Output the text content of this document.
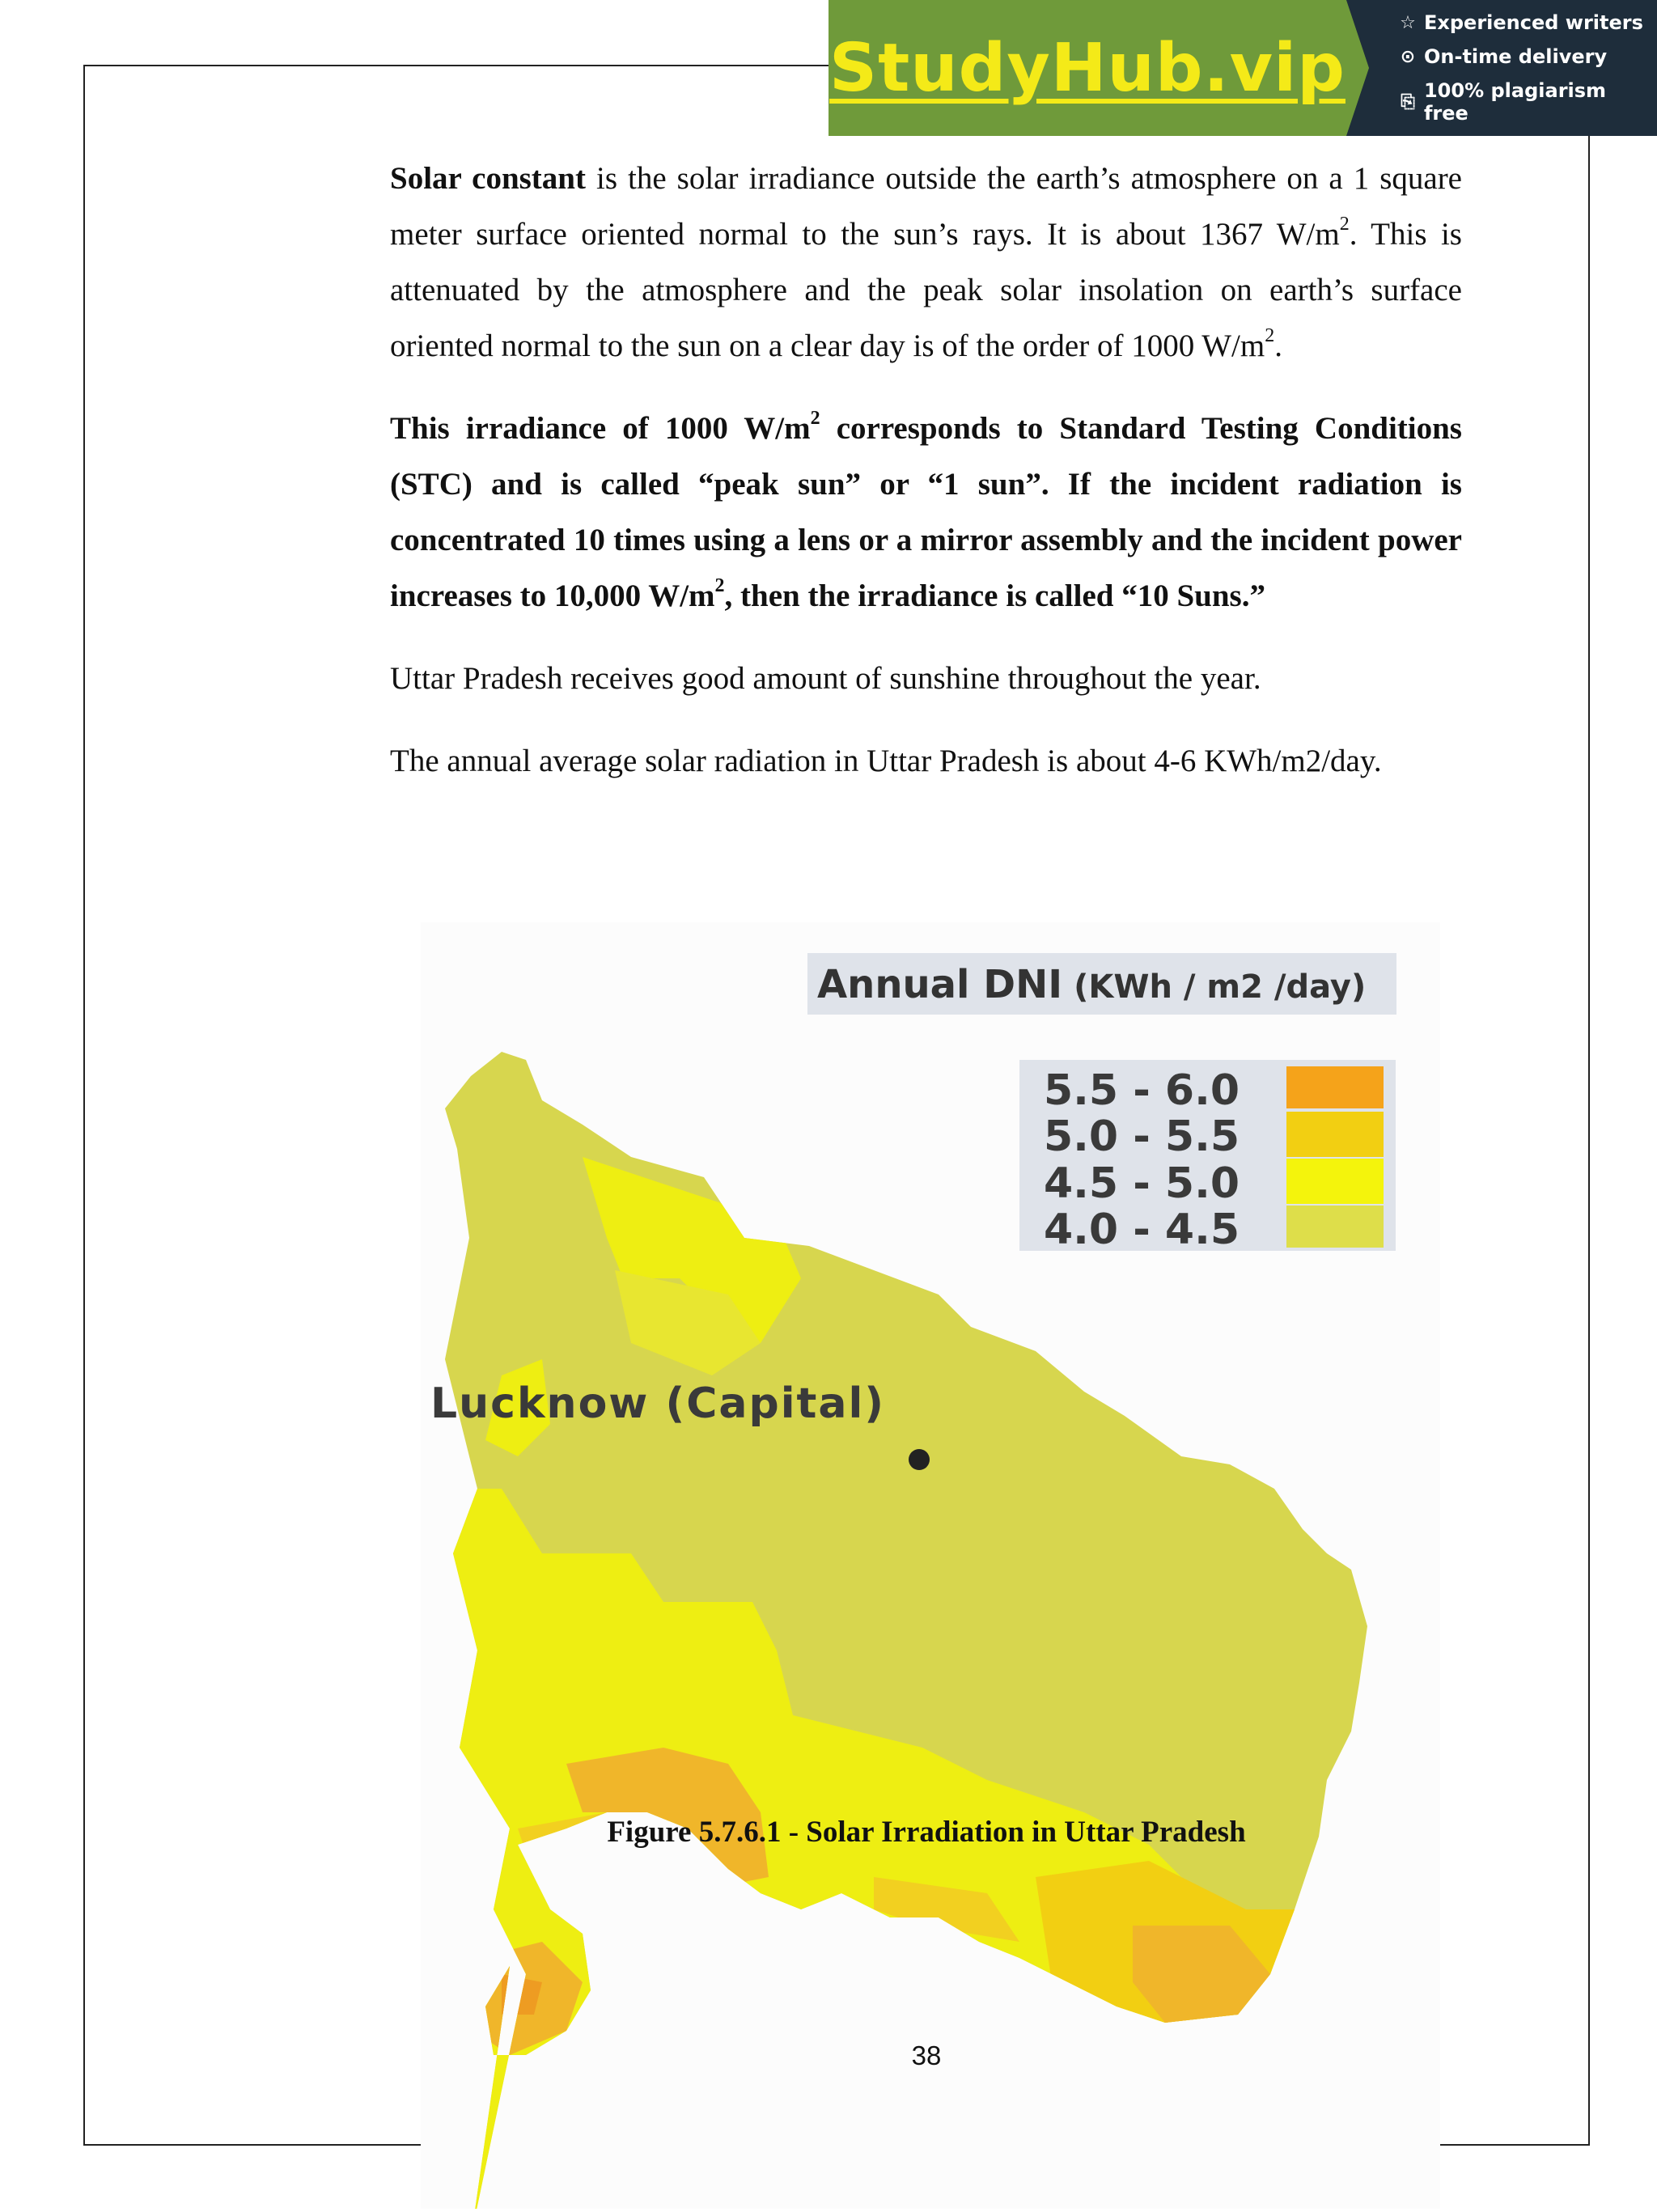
StudyHub.vip
☆ Experienced writers
⊙ On-time delivery
⎘ 100% plagiarism free

Solar constant is the solar irradiance outside the earth’s atmosphere on a 1 square meter surface oriented normal to the sun’s rays. It is about 1367 $W/m^2$. This is attenuated by the atmosphere and the peak solar insolation on earth’s surface oriented normal to the sun on a clear day is of the order of 1000 $W/m^2$.

This irradiance of 1000 $W/m^2$ corresponds to Standard Testing Conditions (STC) and is called “peak sun” or “1 sun”. If the incident radiation is concentrated 10 times using a lens or a mirror assembly and the incident power increases to 10,000 $W/m^2$, then the irradiance is called “10 Suns.”

Uttar Pradesh receives good amount of sunshine throughout the year.

The annual average solar radiation in Uttar Pradesh is about 4-6 KWh/m2/day.

Annual DNI (KWh / m2 /day)
5.5 - 6.0
5.0 - 5.5
4.5 - 5.0
4.0 - 4.5
Lucknow (Capital)
Figure 5.7.6.1 - Solar Irradiation in Uttar Pradesh
38
